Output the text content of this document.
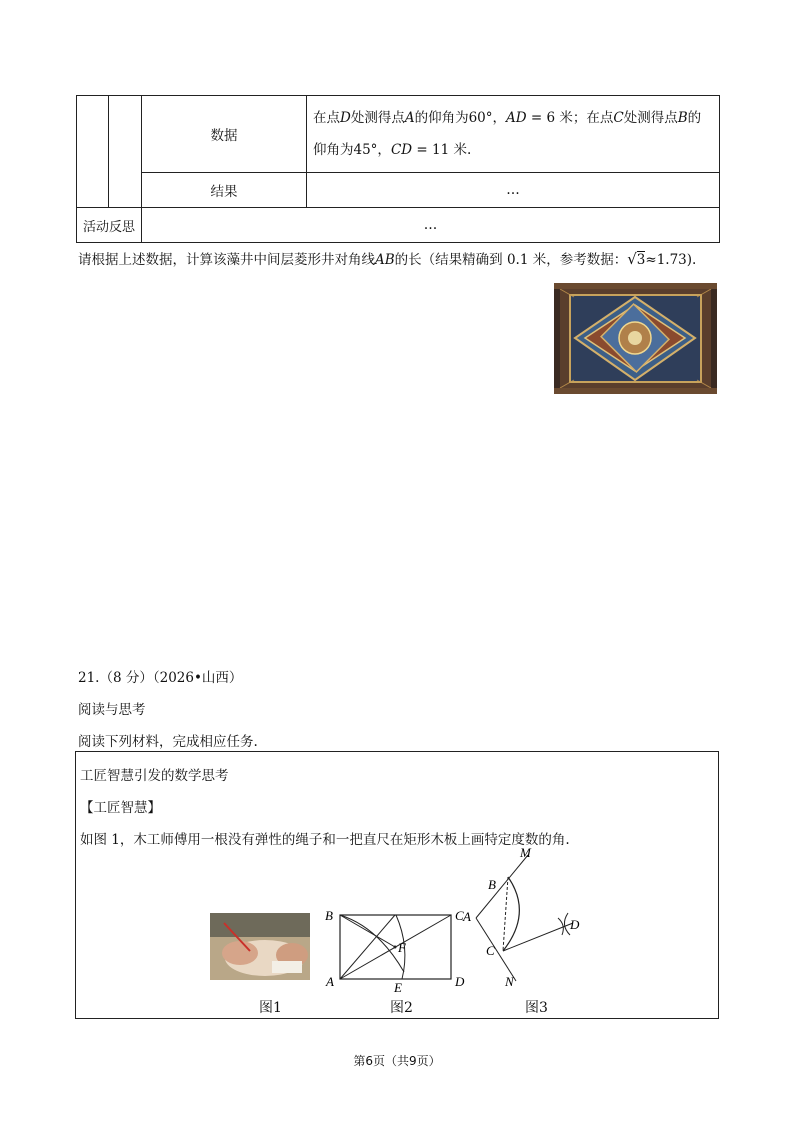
		数据	在点D处测得点A的仰角为60°，AD = 6 米；在点C处测得点B的
仰角为45°，CD = 11 米.
		结果	…
活动反思		…	
请根据上述数据，计算该藻井中间层菱形井对角线AB的长（结果精确到 0.1 米，参考数据：√3≈1.73).
21.（8 分）（2026•山西）
阅读与思考
阅读下列材料，完成相应任务.
工匠智慧引发的数学思考
【工匠智慧】
如图 1，木工师傅用一根没有弹性的绳子和一把直尺在矩形木板上画特定度数的角.
图1
B
A
C
D
E
F
图2
M
B
A
C
D
N
图3
第6页（共9页）
